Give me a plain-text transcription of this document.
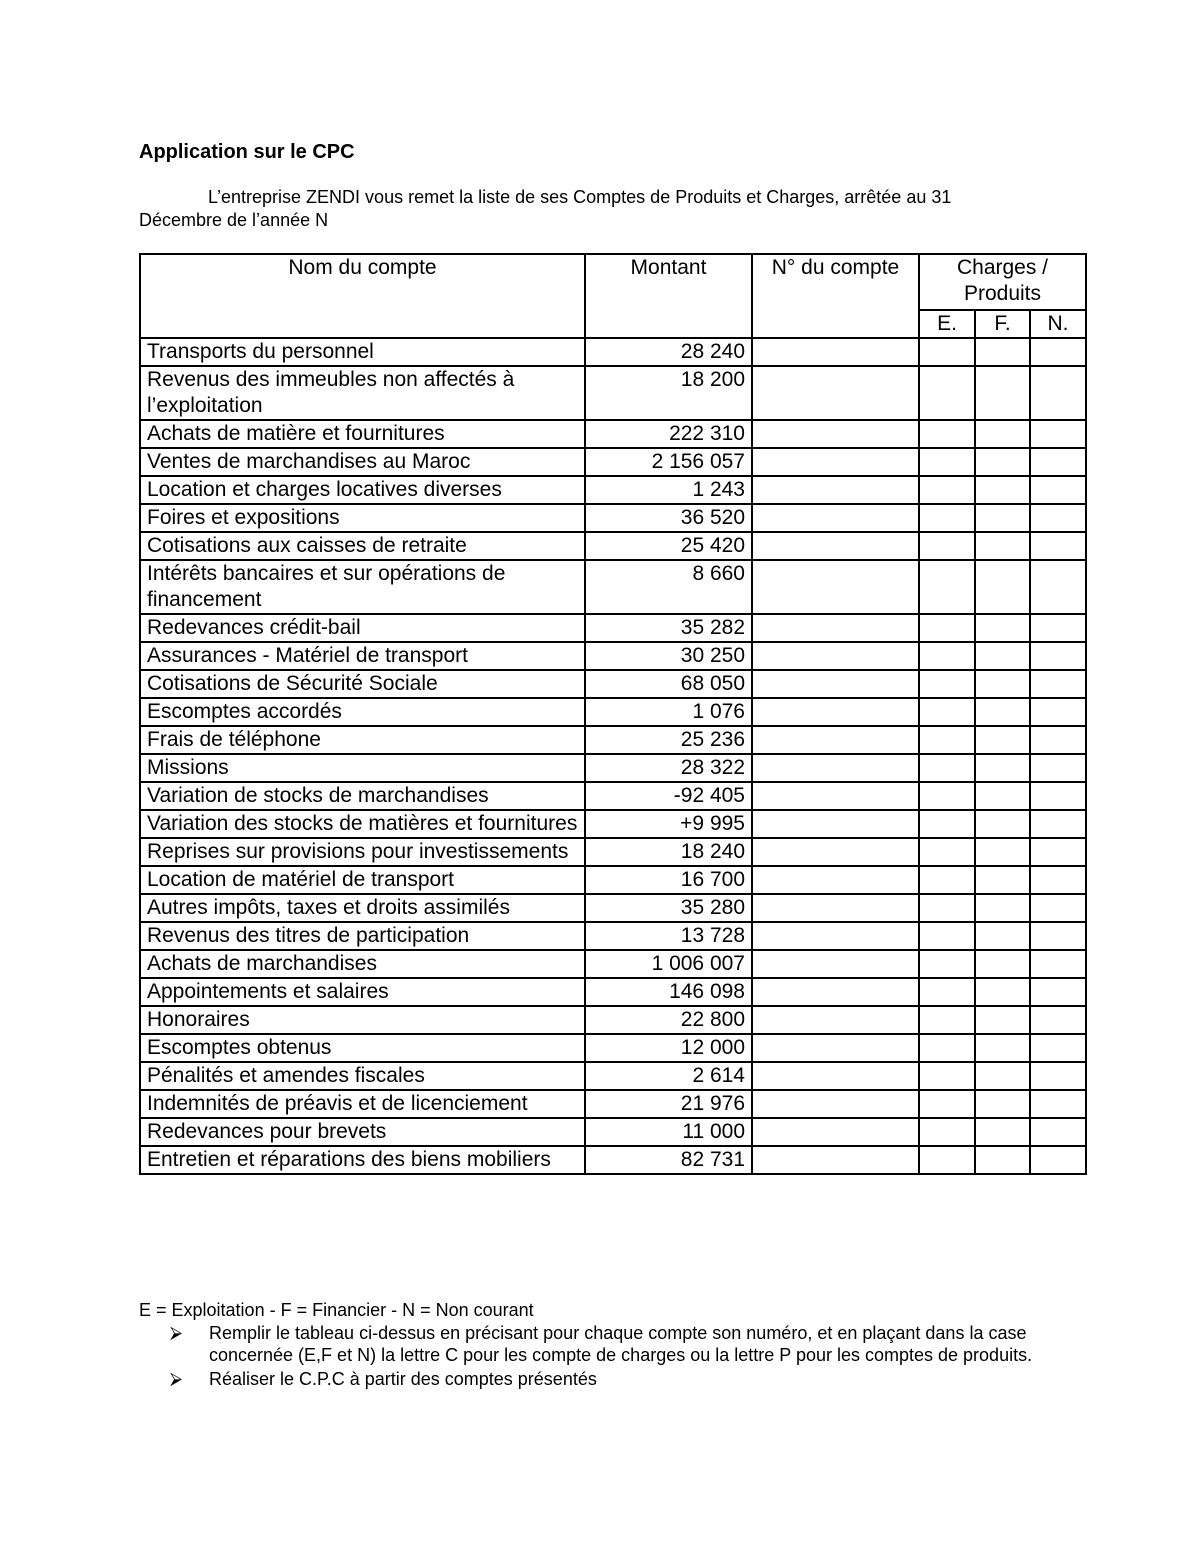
Application sur le CPC

L’entreprise ZENDI vous remet la liste de ses Comptes de Produits et Charges, arrêtée au 31 Décembre de l’année N

Nom du compte	Montant	N° du compte	Charges / Produits		
			E.	F.	N.
Transports du personnel	28 240				
Revenus des immeubles non affectés à l’exploitation	18 200				
Achats de matière et fournitures	222 310				
Ventes de marchandises au Maroc	2 156 057				
Location et charges locatives diverses	1 243				
Foires et expositions	36 520				
Cotisations aux caisses de retraite	25 420				
Intérêts bancaires et sur opérations de financement	8 660				
Redevances crédit-bail	35 282				
Assurances - Matériel de transport	30 250				
Cotisations de Sécurité Sociale	68 050				
Escomptes accordés	1 076				
Frais de téléphone	25 236				
Missions	28 322				
Variation de stocks de marchandises	-92 405				
Variation des stocks de matières et fournitures	+9 995				
Reprises sur provisions pour investissements	18 240				
Location de matériel de transport	16 700				
Autres impôts, taxes et droits assimilés	35 280				
Revenus des titres de participation	13 728				
Achats de marchandises	1 006 007				
Appointements et salaires	146 098				
Honoraires	22 800				
Escomptes obtenus	12 000				
Pénalités et amendes fiscales	2 614				
Indemnités de préavis et de licenciement	21 976				
Redevances pour brevets	11 000				
Entretien et réparations des biens mobiliers	82 731				

E = Exploitation - F = Financier - N = Non courant

⮚ Remplir le tableau ci-dessus en précisant pour chaque compte son numéro, et en plaçant dans la case concernée (E,F et N) la lettre C pour les compte de charges ou la lettre P pour les comptes de produits.
⮚ Réaliser le C.P.C à partir des comptes présentés
